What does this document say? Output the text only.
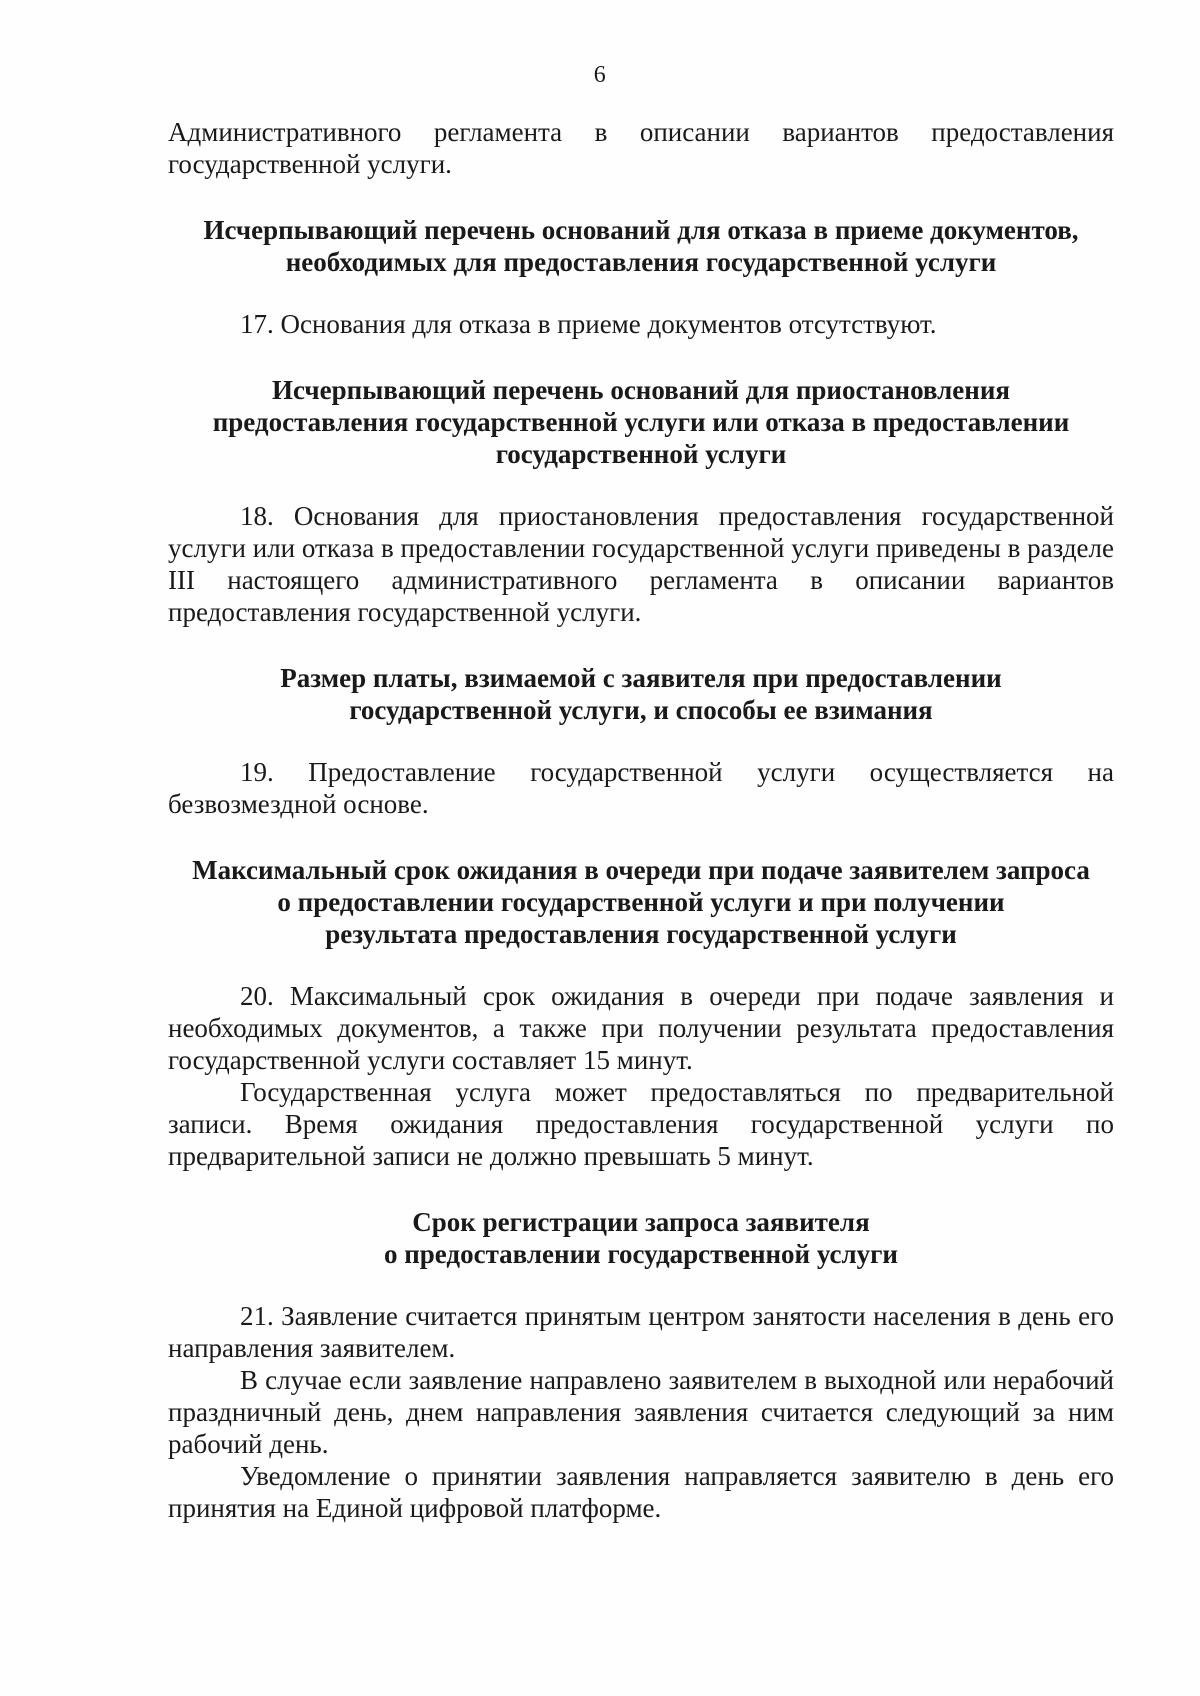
6

Административного регламента в описании вариантов предоставления государственной услуги.

Исчерпывающий перечень оснований для отказа в приеме документов,
необходимых для предоставления государственной услуги

17. Основания для отказа в приеме документов отсутствуют.

Исчерпывающий перечень оснований для приостановления
предоставления государственной услуги или отказа в предоставлении
государственной услуги

18. Основания для приостановления предоставления государственной услуги или отказа в предоставлении государственной услуги приведены в разделе III настоящего административного регламента в описании вариантов предоставления государственной услуги.

Размер платы, взимаемой с заявителя при предоставлении
государственной услуги, и способы ее взимания

19. Предоставление государственной услуги осуществляется на безвозмездной основе.

Максимальный срок ожидания в очереди при подаче заявителем запроса
о предоставлении государственной услуги и при получении
результата предоставления государственной услуги

20. Максимальный срок ожидания в очереди при подаче заявления и необходимых документов, а также при получении результата предоставления государственной услуги составляет 15 минут.

Государственная услуга может предоставляться по предварительной записи. Время ожидания предоставления государственной услуги по предварительной записи не должно превышать 5 минут.

Срок регистрации запроса заявителя
о предоставлении государственной услуги

21. Заявление считается принятым центром занятости населения в день его направления заявителем.

В случае если заявление направлено заявителем в выходной или нерабочий праздничный день, днем направления заявления считается следующий за ним рабочий день.

Уведомление о принятии заявления направляется заявителю в день его принятия на Единой цифровой платформе.
